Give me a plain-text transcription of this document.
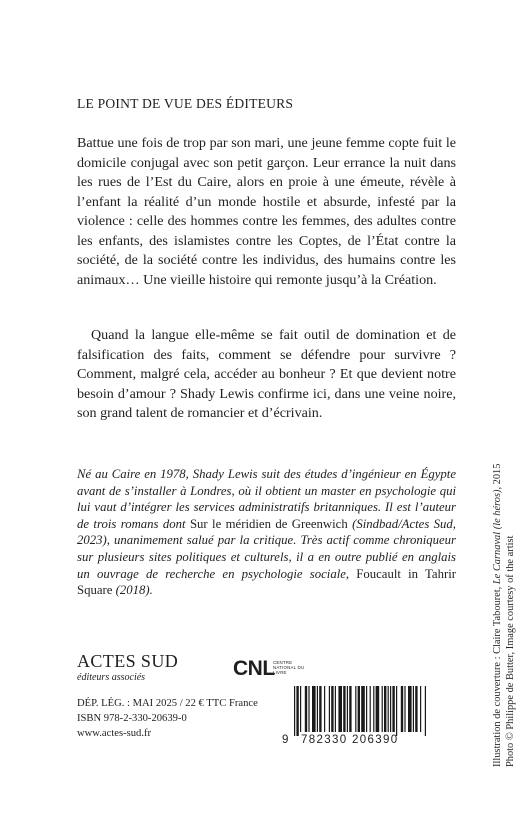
LE POINT DE VUE DES ÉDITEURS

Battue une fois de trop par son mari, une jeune femme copte fuit le domicile conjugal avec son petit garçon. Leur errance la nuit dans les rues de l’Est du Caire, alors en proie à une émeute, révèle à l’enfant la réalité d’un monde hostile et absurde, infesté par la violence : celle des hommes contre les femmes, des adultes contre les enfants, des islamistes contre les Coptes, de l’État contre la société, de la société contre les individus, des humains contre les animaux… Une vieille histoire qui remonte jusqu’à la Création.

Quand la langue elle-même se fait outil de domination et de falsification des faits, comment se défendre pour survivre ? Comment, malgré cela, accéder au bonheur ? Et que devient notre besoin d’amour ? Shady Lewis confirme ici, dans une veine noire, son grand talent de romancier et d’écrivain.

Né au Caire en 1978, Shady Lewis suit des études d’ingénieur en Égypte avant de s’installer à Londres, où il obtient un master en psychologie qui lui vaut d’intégrer les services administratifs britanniques. Il est l’auteur de trois romans dont Sur le méridien de Greenwich (Sindbad/Actes Sud, 2023), unanimement salué par la critique. Très actif comme chroniqueur sur plusieurs sites politiques et culturels, il a en outre publié en anglais un ouvrage de recherche en psychologie sociale, Foucault in Tahrir Square (2018).

ACTES SUD
éditeurs associés	CNL
CENTRE NATIONAL DU LIVRE
DÉP. LÉG. : MAI 2025 / 22 € TTC France
ISBN 978-2-330-20639-0
www.actes-sud.fr
9 782330 206390	Illustration de couverture : Claire Tabouret, Le Carnaval (le héros), 2015
Photo © Philippe de Butter, Image courtesy of the artist
